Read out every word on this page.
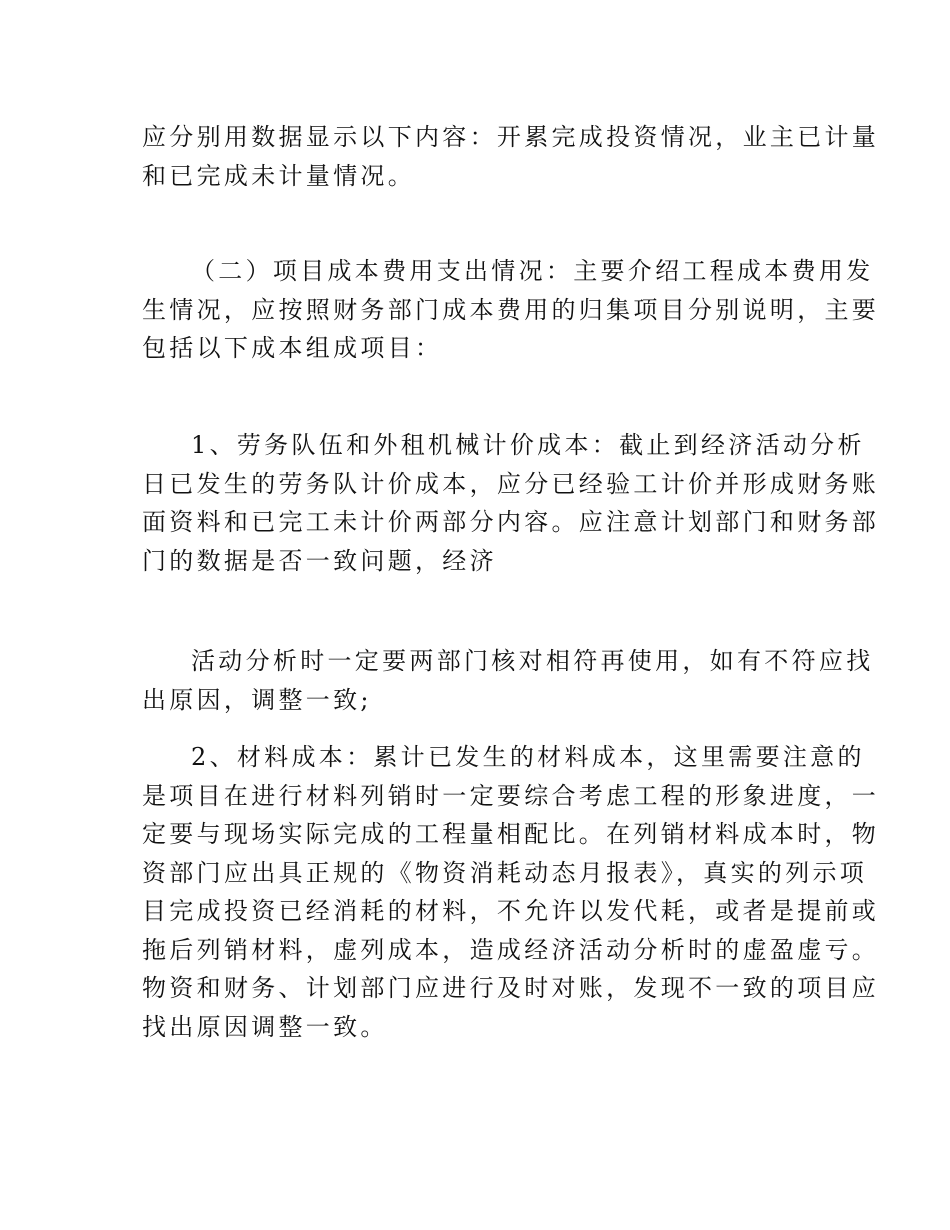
应分别用数据显示以下内容：开累完成投资情况，业主已计量
和已完成未计量情况。

（二）项目成本费用支出情况：主要介绍工程成本费用发
生情况，应按照财务部门成本费用的归集项目分别说明，主要
包括以下成本组成项目：

1、劳务队伍和外租机械计价成本：截止到经济活动分析
日已发生的劳务队计价成本，应分已经验工计价并形成财务账
面资料和已完工未计价两部分内容。应注意计划部门和财务部
门的数据是否一致问题，经济

活动分析时一定要两部门核对相符再使用，如有不符应找
出原因，调整一致;

2、材料成本：累计已发生的材料成本，这里需要注意的
是项目在进行材料列销时一定要综合考虑工程的形象进度，一
定要与现场实际完成的工程量相配比。在列销材料成本时，物
资部门应出具正规的《物资消耗动态月报表》，真实的列示项
目完成投资已经消耗的材料，不允许以发代耗，或者是提前或
拖后列销材料，虚列成本，造成经济活动分析时的虚盈虚亏。
物资和财务、计划部门应进行及时对账，发现不一致的项目应
找出原因调整一致。
